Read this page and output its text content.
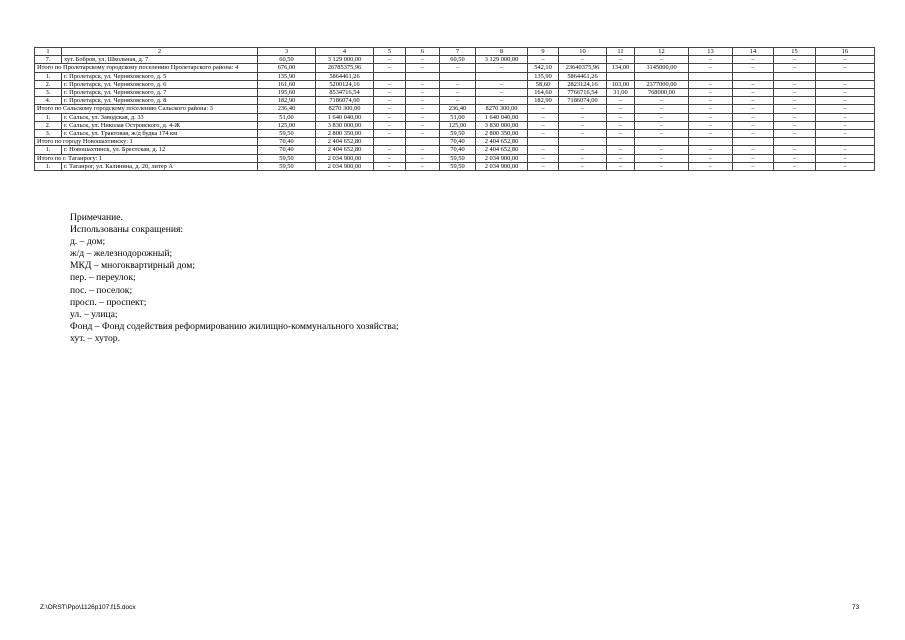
1	2	3	4	5	6	7	8	9	10	11	12	13	14	15	16
7.	хут. Бобров, ул. Школьная, д. 7	60,50	3 129 000,00	–	–	60,50	3 129 000,00	–	–	–	–	–	–	–	–
Итого по Пролетарскому городскому поселению Пролетарского района: 4		676,00	26785375,96	–	–	–	–	542,10	23640375,96	134,00	3145000,00	–	–	–	–
1.	г. Пролетарск, ул. Черняховского, д. 5	135,90	5864461,26					135,90	5864461,26						
2.	г. Пролетарск, ул. Черняховского, д. 6	161,60	5200124,16	–	–	–	–	58,60	2823124,16	103,00	2377000,00	–	–	–	–
3.	г. Пролетарск, ул. Черняховского, д. 7	195,60	8534716,54	–	–	–	–	164,60	7766716,54	31,00	768000,00	–	–	–	–
4.	г. Пролетарск, ул. Черняховского, д. 8	182,90	7186074,00	–	–	–	–	182,90	7186074,00	–	–	–	–	–	–
Итого по Сальскому городскому поселению Сальского района: 3		236,40	8270 300,00	–	–	236,40	8270 300,00	–	–	–	–	–	–	–	–
1.	г. Сальск, ул. Заводская, д. 33	51,00	1 640 040,00	–	–	51,00	1 640 040,00	–	–	–	–	–	–	–	–
2.	г. Сальск, ул. Николая Островского, д. 4-Ж	125,00	3 830 000,00	–	–	125,00	3 830 000,00	–	–	–	–	–	–	–	–
3.	г. Сальск, ул. Трактовая, ж/д будка 174 км	59,50	2 800 350,00	–	–	59,50	2 800 350,00	–	–	–	–	–	–	–	–
Итого по городу Новошахтинску: 1		70,40	2 404 652,80			70,40	2 404 652,80								
1.	г. Новошахтинск, ул. Брестская, д. 12	70,40	2 404 652,80	–	–	70,40	2 404 652,80	–	–	–	–	–	–	–	–
Итого по г. Таганрогу: 1		59,50	2 034 900,00	–	–	59,50	2 034 900,00	–	–	–	–	–	–	–	–
1.	г. Таганрог, ул. Калинина, д. 20, литер А	59,50	2 034 900,00	–	–	59,50	2 034 900,00	–	–	–	–	–	–	–	–
Примечание.
Использованы сокращения:
д. – дом;
ж/д – железнодорожный;
МКД – многоквартирный дом;
пер. – переулок;
пос. – поселок;
просп. – проспект;
ул. – улица;
Фонд – Фонд содействия реформированию жилищно-коммунального хозяйства;
хут. – хутор.
Z:\ORST\Ppo\1126p107.f15.docx	73
